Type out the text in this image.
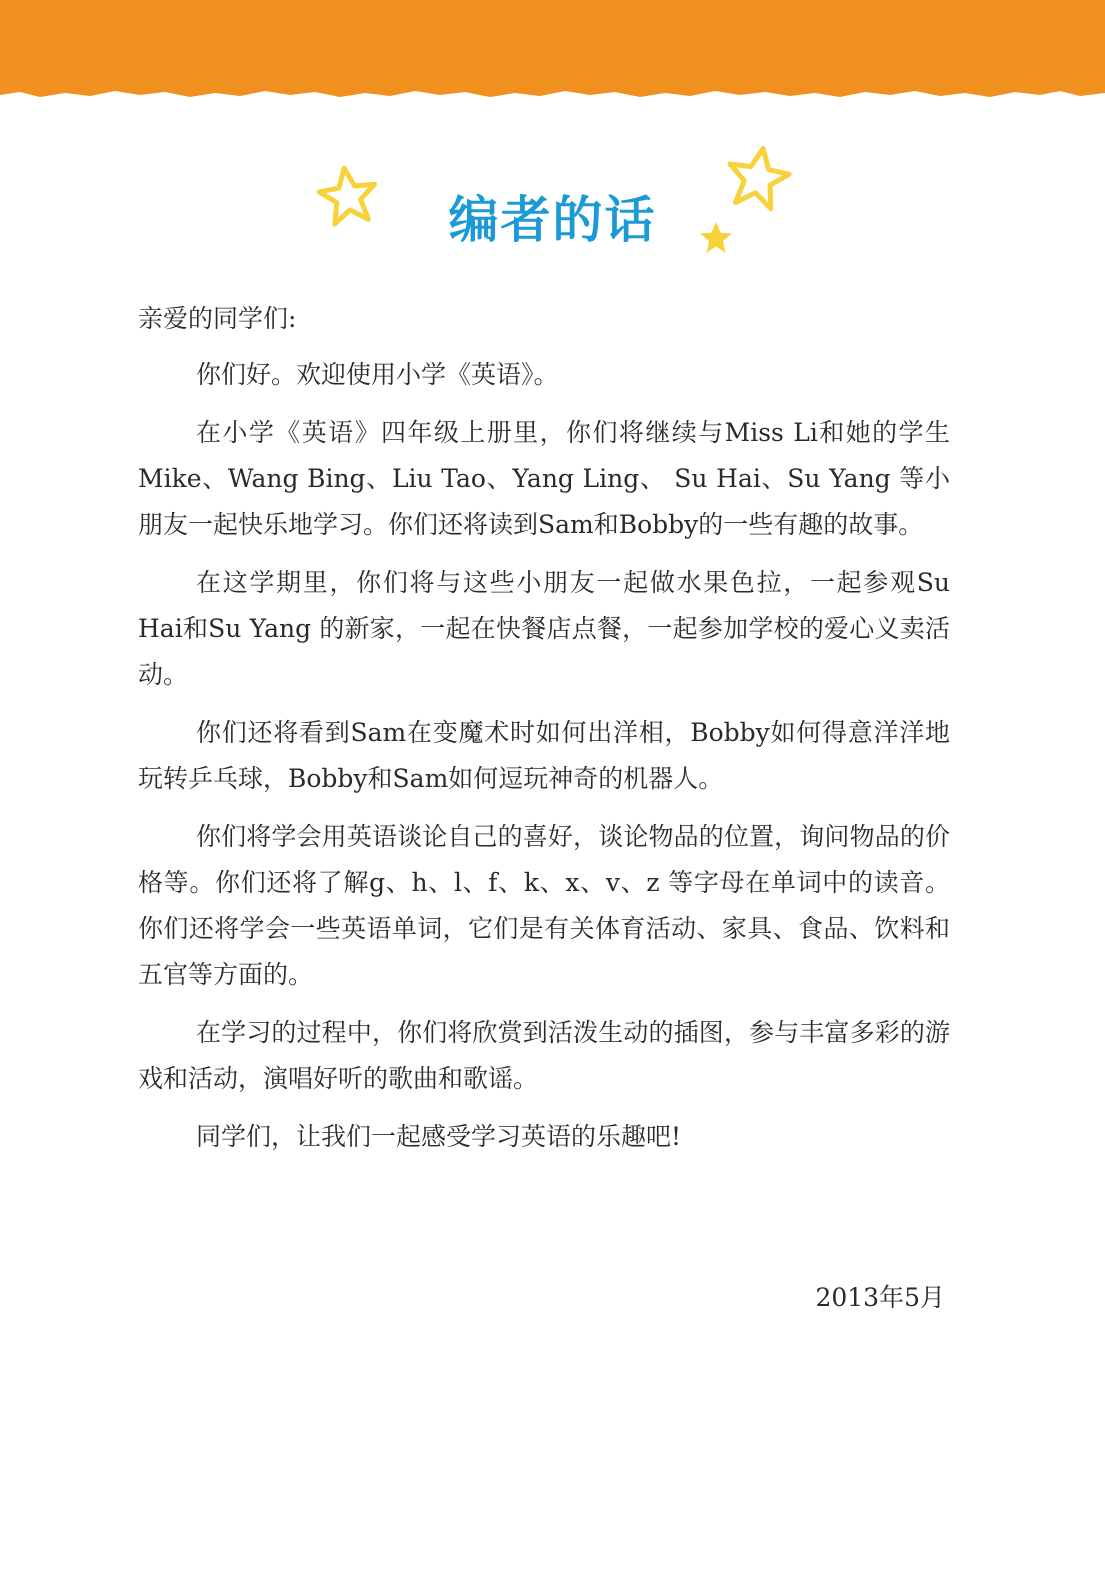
编者的话

亲爱的同学们:

你们好。欢迎使用小学《英语》。

在小学《英语》四年级上册里，你们将继续与Miss Li和她的学生Mike、Wang Bing、Liu Tao、Yang Ling、 Su Hai、Su Yang 等小朋友一起快乐地学习。你们还将读到Sam和Bobby的一些有趣的故事。

在这学期里，你们将与这些小朋友一起做水果色拉，一起参观Su Hai和Su Yang 的新家，一起在快餐店点餐，一起参加学校的爱心义卖活动。

你们还将看到Sam在变魔术时如何出洋相，Bobby如何得意洋洋地玩转乒乓球，Bobby和Sam如何逗玩神奇的机器人。

你们将学会用英语谈论自己的喜好，谈论物品的位置，询问物品的价格等。你们还将了解g、h、l、f、k、x、v、z 等字母在单词中的读音。你们还将学会一些英语单词，它们是有关体育活动、家具、食品、饮料和五官等方面的。

在学习的过程中，你们将欣赏到活泼生动的插图，参与丰富多彩的游戏和活动，演唱好听的歌曲和歌谣。

同学们，让我们一起感受学习英语的乐趣吧!

2013年5月
